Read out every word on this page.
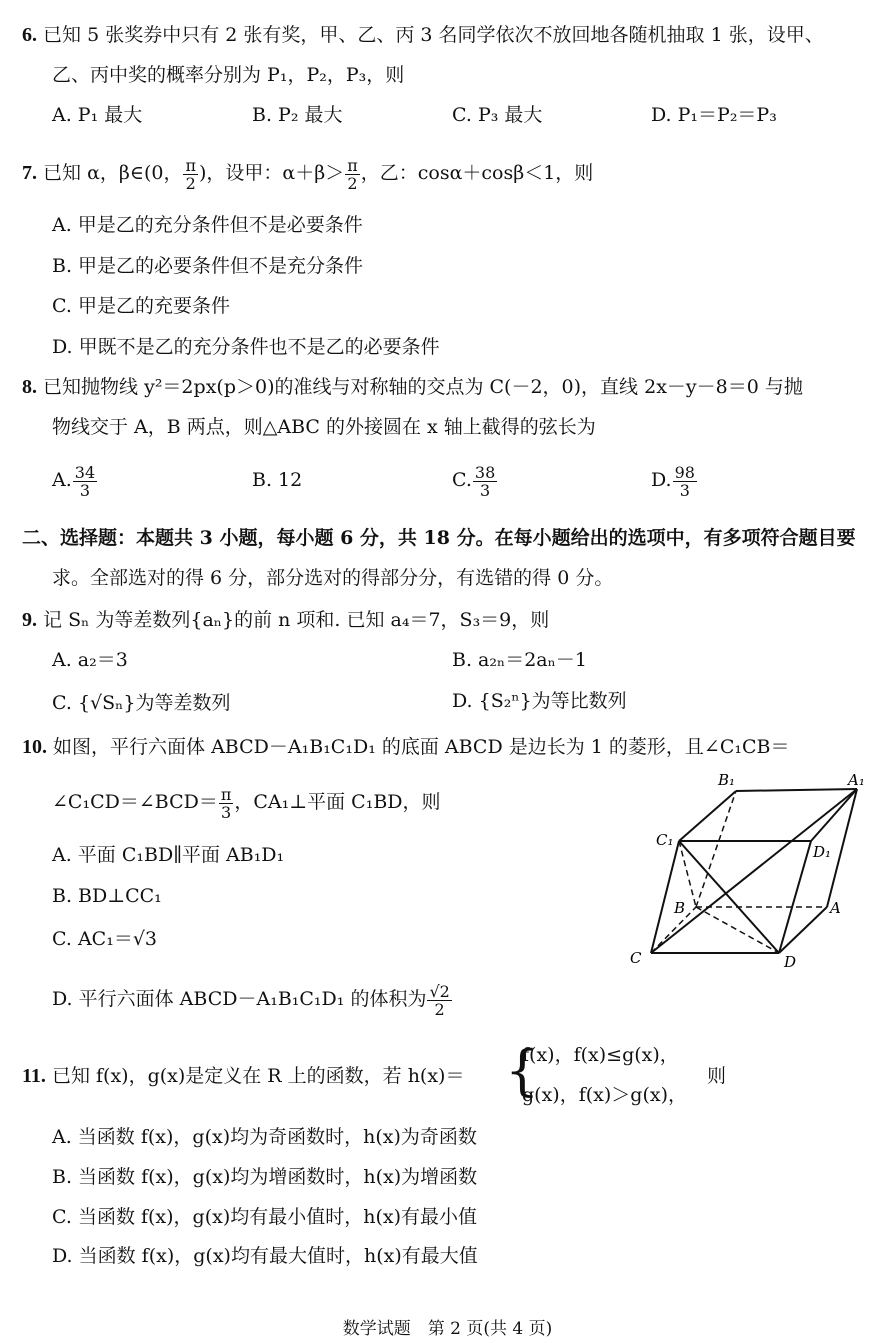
6. 已知 5 张奖券中只有 2 张有奖，甲、乙、丙 3 名同学依次不放回地各随机抽取 1 张，设甲、
乙、丙中奖的概率分别为 P₁，P₂，P₃，则
A. P₁ 最大	B. P₂ 最大	C. P₃ 最大	D. P₁＝P₂＝P₃
7. 已知 α，β∈(0， $\frac{\pi}{2}$ )，设甲：$\alpha+\beta> \frac{\pi}{2}$ ，乙：cosα＋cosβ＜1，则
A. 甲是乙的充分条件但不是必要条件
B. 甲是乙的必要条件但不是充分条件
C. 甲是乙的充要条件
D. 甲既不是乙的充分条件也不是乙的必要条件
8. 已知抛物线 y²＝2px(p＞0)的准线与对称轴的交点为 C(－2，0)，直线 2x－y－8＝0 与抛
物线交于 A，B 两点，则△ABC 的外接圆在 x 轴上截得的弦长为
A. $\frac{34}{3}$	B. 12	C. $\frac{38}{3}$	D. $\frac{98}{3}$
二、选择题：本题共 3 小题，每小题 6 分，共 18 分。在每小题给出的选项中，有多项符合题目要
求。全部选对的得 6 分，部分选对的得部分分，有选错的得 0 分。
9. 记 Sₙ 为等差数列{aₙ}的前 n 项和. 已知 a₄＝7，S₃＝9，则
A. a₂＝3	B. a₂ₙ＝2aₙ－1
C. {√Sₙ}为等差数列	D. {S₂ⁿ}为等比数列
10. 如图，平行六面体 ABCD－A₁B₁C₁D₁ 的底面 ABCD 是边长为 1 的菱形，且∠C₁CB＝
∠C₁CD＝∠BCD＝ $\frac{\pi}{3}$ ，CA₁⊥平面 C₁BD，则
A. 平面 C₁BD∥平面 AB₁D₁
B. BD⊥CC₁
C. AC₁＝√3
D. 平行六面体 ABCD－A₁B₁C₁D₁ 的体积为 $\frac{√2}{2}$
B₁	A₁
C₁
D₁
B	A
C	D
11. 已知 f(x)，g(x)是定义在 R 上的函数，若 h(x)＝ {
f(x)，f(x)≤g(x)，
g(x)，f(x)＞g(x)，
则
A. 当函数 f(x)，g(x)均为奇函数时，h(x)为奇函数
B. 当函数 f(x)，g(x)均为增函数时，h(x)为增函数
C. 当函数 f(x)，g(x)均有最小值时，h(x)有最小值
D. 当函数 f(x)，g(x)均有最大值时，h(x)有最大值
数学试题　第 2 页(共 4 页)
